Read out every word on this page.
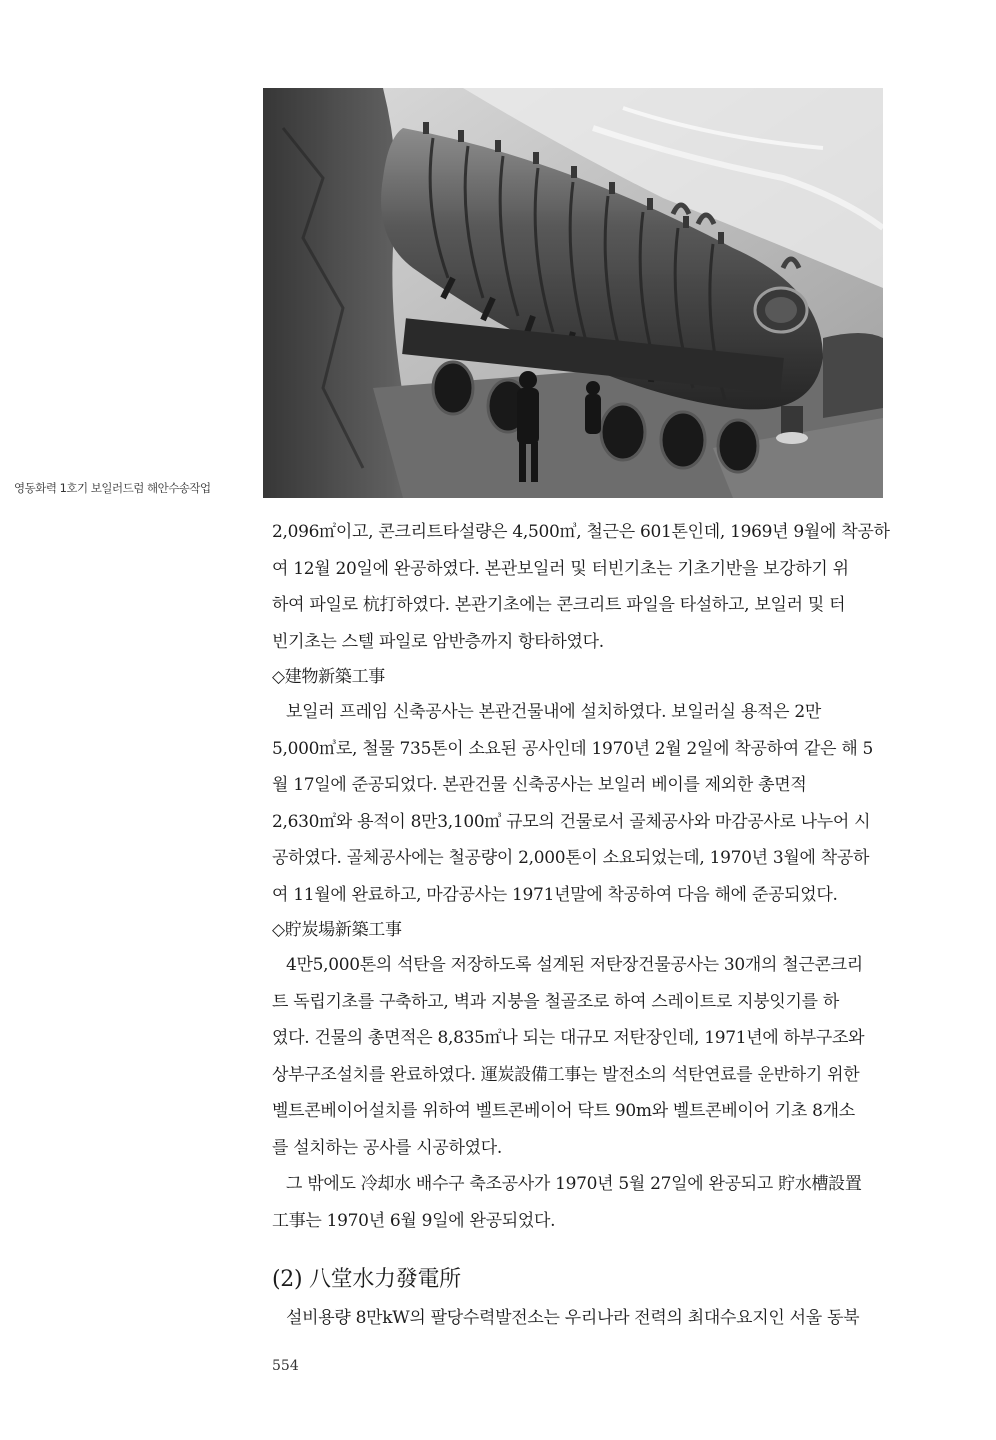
영동화력 1호기 보일러드럼 해안수송작업
2,096㎡이고, 콘크리트타설량은 4,500㎥, 철근은 601톤인데, 1969년 9월에 착공하
여 12월 20일에 완공하였다. 본관보일러 및 터빈기초는 기초기반을 보강하기 위
하여 파일로 杭打하였다. 본관기초에는 콘크리트 파일을 타설하고, 보일러 및 터
빈기초는 스텔 파일로 암반층까지 항타하였다.
◇建物新築工事
보일러 프레임 신축공사는 본관건물내에 설치하였다. 보일러실 용적은 2만
5,000㎥로, 철물 735톤이 소요된 공사인데 1970년 2월 2일에 착공하여 같은 해 5
월 17일에 준공되었다. 본관건물 신축공사는 보일러 베이를 제외한 총면적
2,630㎡와 용적이 8만3,100㎥ 규모의 건물로서 골체공사와 마감공사로 나누어 시
공하였다. 골체공사에는 철공량이 2,000톤이 소요되었는데, 1970년 3월에 착공하
여 11월에 완료하고, 마감공사는 1971년말에 착공하여 다음 해에 준공되었다.
◇貯炭場新築工事
4만5,000톤의 석탄을 저장하도록 설계된 저탄장건물공사는 30개의 철근콘크리
트 독립기초를 구축하고, 벽과 지붕을 철골조로 하여 스레이트로 지붕잇기를 하
였다. 건물의 총면적은 8,835㎡나 되는 대규모 저탄장인데, 1971년에 하부구조와
상부구조설치를 완료하였다. 運炭設備工事는 발전소의 석탄연료를 운반하기 위한
벨트콘베이어설치를 위하여 벨트콘베이어 닥트 90m와 벨트콘베이어 기초 8개소
를 설치하는 공사를 시공하였다.
그 밖에도 冷却水 배수구 축조공사가 1970년 5월 27일에 완공되고 貯水槽設置
工事는 1970년 6월 9일에 완공되었다.
(2) 八堂水力發電所
설비용량 8만kW의 팔당수력발전소는 우리나라 전력의 최대수요지인 서울 동북
554
